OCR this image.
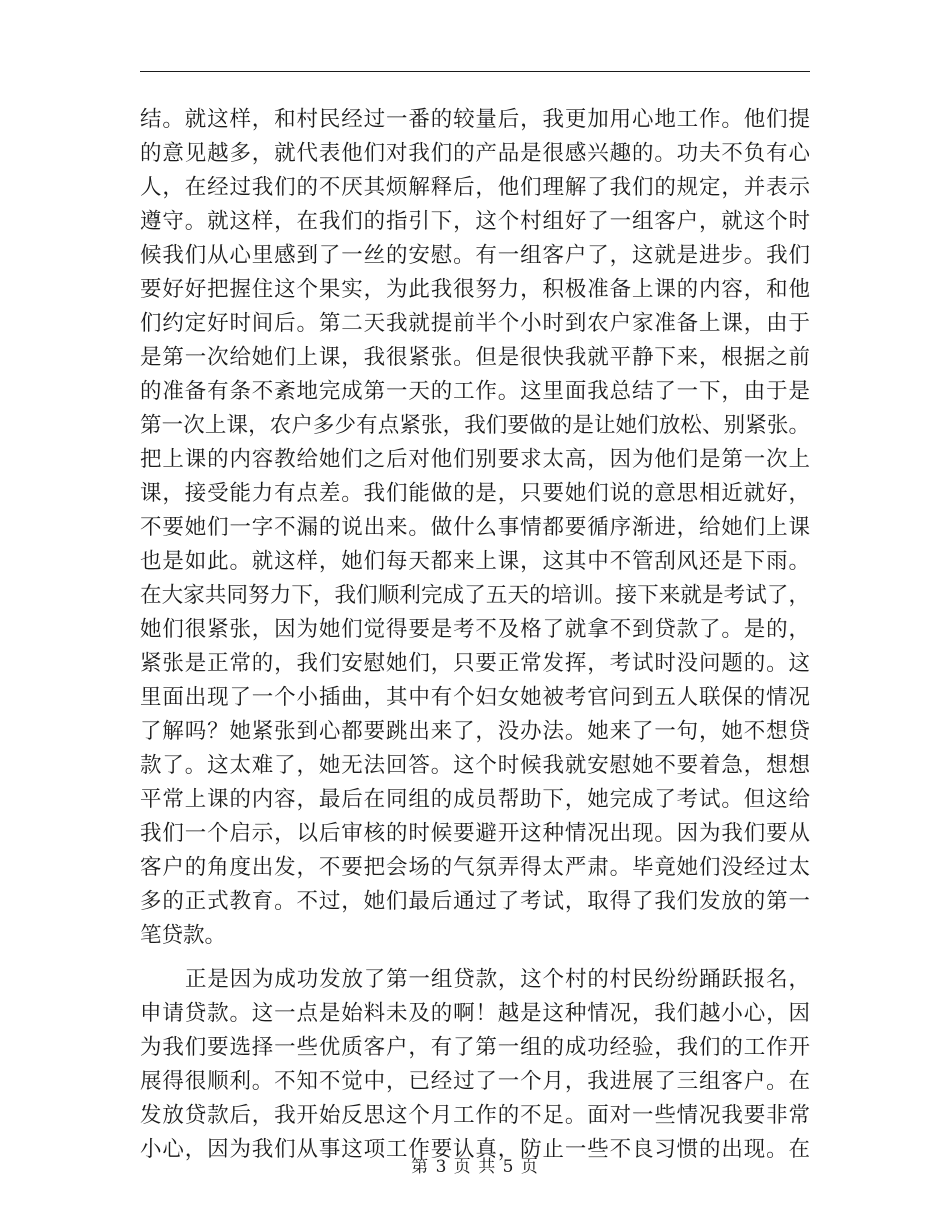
结。就这样，和村民经过一番的较量后，我更加用心地工作。他们提
的意见越多，就代表他们对我们的产品是很感兴趣的。功夫不负有心
人，在经过我们的不厌其烦解释后，他们理解了我们的规定，并表示
遵守。就这样，在我们的指引下，这个村组好了一组客户，就这个时
候我们从心里感到了一丝的安慰。有一组客户了，这就是进步。我们
要好好把握住这个果实，为此我很努力，积极准备上课的内容，和他
们约定好时间后。第二天我就提前半个小时到农户家准备上课，由于
是第一次给她们上课，我很紧张。但是很快我就平静下来，根据之前
的准备有条不紊地完成第一天的工作。这里面我总结了一下，由于是
第一次上课，农户多少有点紧张，我们要做的是让她们放松、别紧张。
把上课的内容教给她们之后对他们别要求太高，因为他们是第一次上
课，接受能力有点差。我们能做的是，只要她们说的意思相近就好，
不要她们一字不漏的说出来。做什么事情都要循序渐进，给她们上课
也是如此。就这样，她们每天都来上课，这其中不管刮风还是下雨。
在大家共同努力下，我们顺利完成了五天的培训。接下来就是考试了，
她们很紧张，因为她们觉得要是考不及格了就拿不到贷款了。是的，
紧张是正常的，我们安慰她们，只要正常发挥，考试时没问题的。这
里面出现了一个小插曲，其中有个妇女她被考官问到五人联保的情况
了解吗？她紧张到心都要跳出来了，没办法。她来了一句，她不想贷
款了。这太难了，她无法回答。这个时候我就安慰她不要着急，想想
平常上课的内容，最后在同组的成员帮助下，她完成了考试。但这给
我们一个启示，以后审核的时候要避开这种情况出现。因为我们要从
客户的角度出发，不要把会场的气氛弄得太严肃。毕竟她们没经过太
多的正式教育。不过，她们最后通过了考试，取得了我们发放的第一
笔贷款。
正是因为成功发放了第一组贷款，这个村的村民纷纷踊跃报名，
申请贷款。这一点是始料未及的啊！越是这种情况，我们越小心，因
为我们要选择一些优质客户，有了第一组的成功经验，我们的工作开
展得很顺利。不知不觉中，已经过了一个月，我进展了三组客户。在
发放贷款后，我开始反思这个月工作的不足。面对一些情况我要非常
小心，因为我们从事这项工作要认真，防止一些不良习惯的出现。在
第 3 页 共 5 页
